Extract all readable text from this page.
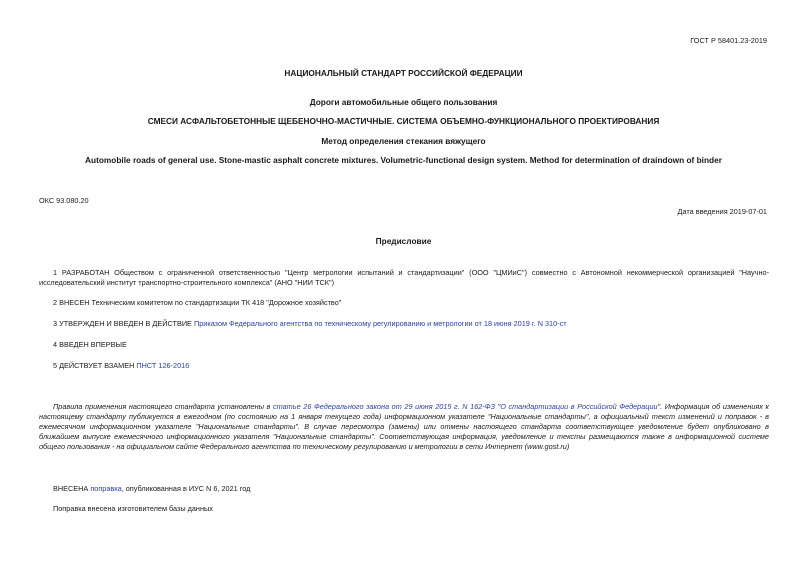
ГОСТ Р 58401.23-2019
НАЦИОНАЛЬНЫЙ СТАНДАРТ РОССИЙСКОЙ ФЕДЕРАЦИИ
Дороги автомобильные общего пользования
СМЕСИ АСФАЛЬТОБЕТОННЫЕ ЩЕБЕНОЧНО-МАСТИЧНЫЕ. СИСТЕМА ОБЪЕМНО-ФУНКЦИОНАЛЬНОГО ПРОЕКТИРОВАНИЯ
Метод определения стекания вяжущего
Automobile roads of general use. Stone-mastic asphalt concrete mixtures. Volumetric-functional design system. Method for determination of draindown of binder
ОКС 93.080.20
Дата введения 2019-07-01
Предисловие
1 РАЗРАБОТАН Обществом с ограниченной ответственностью "Центр метрологии испытаний и стандартизации" (ООО "ЦМИиС") совместно с Автономной некоммерческой организацией "Научно-исследовательский институт транспортно-строительного комплекса" (АНО "НИИ ТСК")
2 ВНЕСЕН Техническим комитетом по стандартизации ТК 418 "Дорожное хозяйство"
3 УТВЕРЖДЕН И ВВЕДЕН В ДЕЙСТВИЕ Приказом Федерального агентства по техническому регулированию и метрологии от 18 июня 2019 г. N 310-ст
4 ВВЕДЕН ВПЕРВЫЕ
5 ДЕЙСТВУЕТ ВЗАМЕН ПНСТ 126-2016
Правила применения настоящего стандарта установлены в статье 26 Федерального закона от 29 июня 2015 г. N 162-ФЗ "О стандартизации в Российской Федерации". Информация об изменениях к настоящему стандарту публикуется в ежегодном (по состоянию на 1 января текущего года) информационном указателе "Национальные стандарты", а официальный текст изменений и поправок - в ежемесячном информационном указателе "Национальные стандарты". В случае пересмотра (замены) или отмены настоящего стандарта соответствующее уведомление будет опубликовано в ближайшем выпуске ежемесячного информационного указателя "Национальные стандарты". Соответствующая информация, уведомление и тексты размещаются также в информационной системе общего пользования - на официальном сайте Федерального агентства по техническому регулированию и метрологии в сети Интернет (www.gost.ru)
ВНЕСЕНА поправка, опубликованная в ИУС N 6, 2021 год
Поправка внесена изготовителем базы данных
